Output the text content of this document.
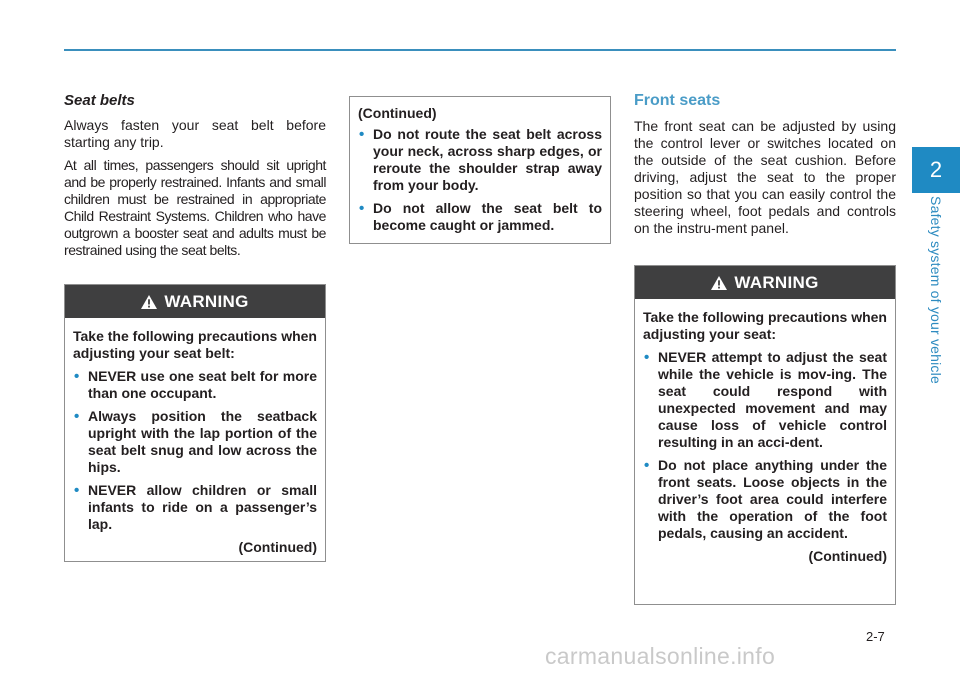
2
Safety system of your vehicle
Seat belts

Always fasten your seat belt before starting any trip.

At all times, passengers should sit upright and be properly restrained. Infants and small children must be restrained in appropriate Child Restraint Systems. Children who have outgrown a booster seat and adults must be restrained using the seat belts.

WARNING

Take the following precautions when adjusting your seat belt:

• NEVER use one seat belt for more than one occupant.
• Always position the seatback upright with the lap portion of the seat belt snug and low across the hips.
• NEVER allow children or small infants to ride on a passenger’s lap.
(Continued)

(Continued)

• Do not route the seat belt across your neck, across sharp edges, or reroute the shoulder strap away from your body.
• Do not allow the seat belt to become caught or jammed.
Front seats

The front seat can be adjusted by using the control lever or switches located on the outside of the seat cushion. Before driving, adjust the seat to the proper position so that you can easily control the steering wheel, foot pedals and controls on the instru-ment panel.

WARNING

Take the following precautions when adjusting your seat:

• NEVER attempt to adjust the seat while the vehicle is mov-ing. The seat could respond with unexpected movement and may cause loss of vehicle control resulting in an acci-dent.
• Do not place anything under the front seats. Loose objects in the driver’s foot area could interfere with the operation of the foot pedals, causing an accident.
(Continued)
2-7
carmanualsonline.info
